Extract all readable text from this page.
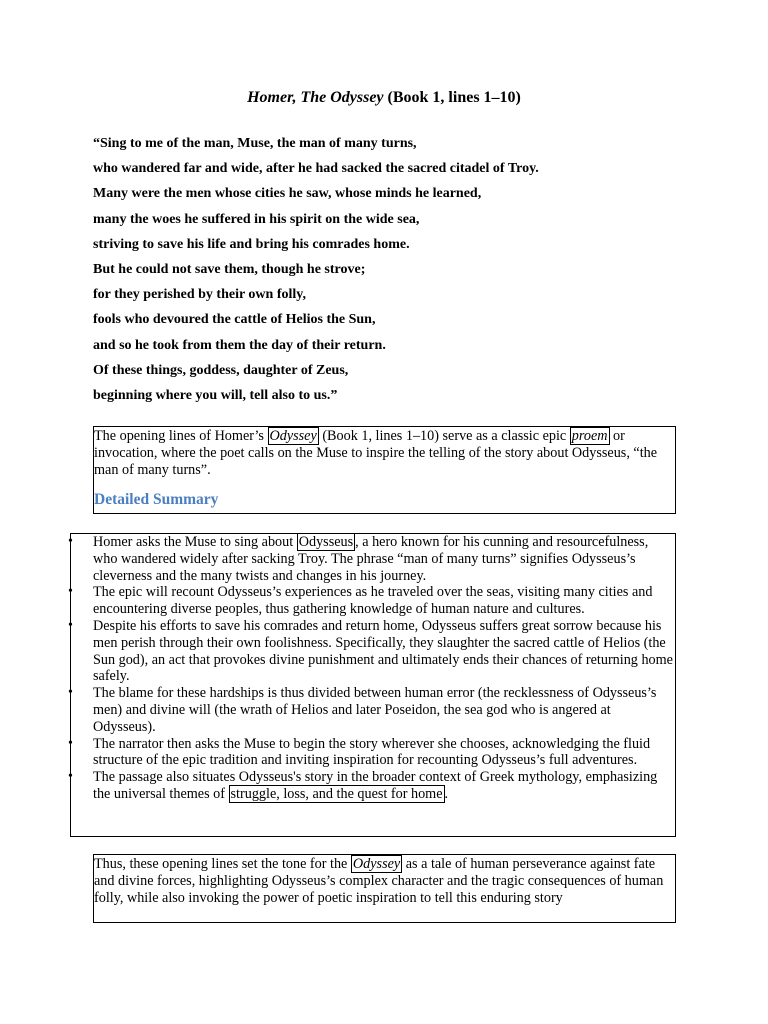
Homer, The Odyssey (Book 1, lines 1–10)
“Sing to me of the man, Muse, the man of many turns,
who wandered far and wide, after he had sacked the sacred citadel of Troy.
Many were the men whose cities he saw, whose minds he learned,
many the woes he suffered in his spirit on the wide sea,
striving to save his life and bring his comrades home.
But he could not save them, though he strove;
for they perished by their own folly,
fools who devoured the cattle of Helios the Sun,
and so he took from them the day of their return.
Of these things, goddess, daughter of Zeus,
beginning where you will, tell also to us.”
The opening lines of Homer’s Odyssey (Book 1, lines 1–10) serve as a classic epic proem or invocation, where the poet calls on the Muse to inspire the telling of the story about Odysseus, “the man of many turns”.
Detailed Summary
• Homer asks the Muse to sing about Odysseus , a hero known for his cunning and resourcefulness, who wandered widely after sacking Troy. The phrase “man of many turns” signifies Odysseus’s cleverness and the many twists and changes in his journey.
• The epic will recount Odysseus’s experiences as he traveled over the seas, visiting many cities and encountering diverse peoples, thus gathering knowledge of human nature and cultures.
• Despite his efforts to save his comrades and return home, Odysseus suffers great sorrow because his men perish through their own foolishness. Specifically, they slaughter the sacred cattle of Helios (the Sun god), an act that provokes divine punishment and ultimately ends their chances of returning home safely.
• The blame for these hardships is thus divided between human error (the recklessness of Odysseus’s men) and divine will (the wrath of Helios and later Poseidon, the sea god who is angered at Odysseus).
• The narrator then asks the Muse to begin the story wherever she chooses, acknowledging the fluid structure of the epic tradition and inviting inspiration for recounting Odysseus’s full adventures.
• The passage also situates Odysseus's story in the broader context of Greek mythology, emphasizing the universal themes of struggle, loss, and the quest for home .
Thus, these opening lines set the tone for the Odyssey as a tale of human perseverance against fate and divine forces, highlighting Odysseus’s complex character and the tragic consequences of human folly, while also invoking the power of poetic inspiration to tell this enduring story
